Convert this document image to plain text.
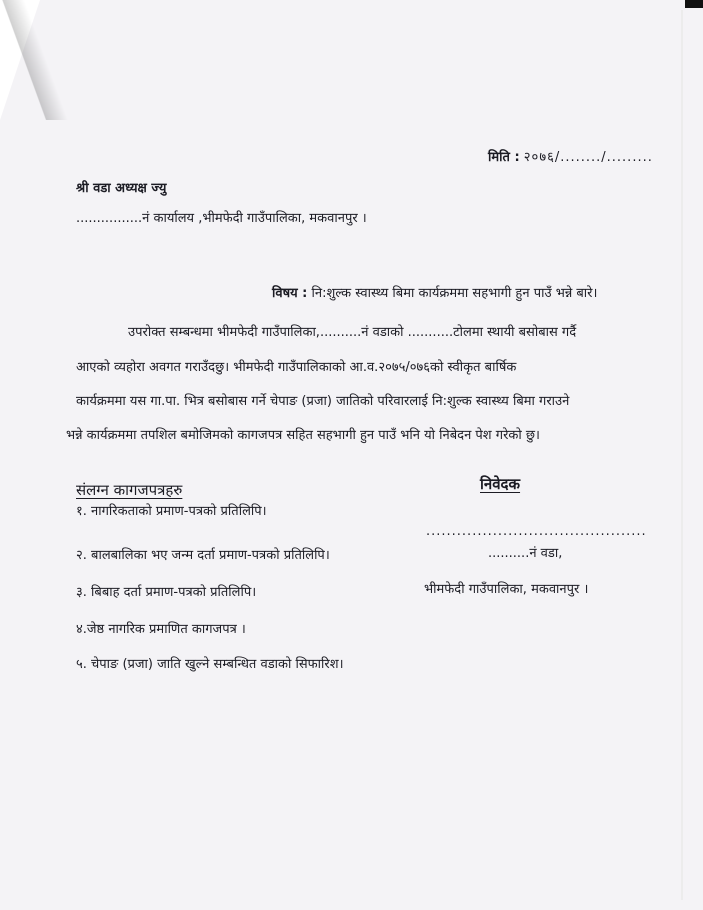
मिति : २०७६/......../.........
श्री वडा अध्यक्ष ज्यु
................नं कार्यालय ,भीमफेदी गाउँपालिका, मकवानपुर ।
विषय : नि:शुल्क स्वास्थ्य बिमा कार्यक्रममा सहभागी हुन पाउँ भन्ने बारे।
उपरोक्त सम्बन्धमा भीमफेदी गाउँपालिका,..........नं वडाको ...........टोलमा स्थायी बसोबास गर्दै
आएको व्यहोरा अवगत गराउँदछु। भीमफेदी गाउँपालिकाको आ.व.२०७५/०७६को स्वीकृत बार्षिक
कार्यक्रममा यस गा.पा. भित्र बसोबास गर्ने चेपाङ (प्रजा) जातिको परिवारलाई नि:शुल्क स्वास्थ्य बिमा गराउने
भन्ने कार्यक्रममा तपशिल बमोजिमको कागजपत्र सहित सहभागी हुन पाउँ भनि यो निबेदन पेश गरेको छु।
संलग्न कागजपत्रहरु	निवेदक
१. नागरिकताको प्रमाण-पत्रको प्रतिलिपि।
२. बालबालिका भए जन्म दर्ता प्रमाण-पत्रको प्रतिलिपि।
३. बिबाह दर्ता प्रमाण-पत्रको प्रतिलिपि।
४.जेष्ठ नागरिक प्रमाणित कागजपत्र ।
५. चेपाङ (प्रजा) जाति खुल्ने सम्बन्धित वडाको सिफारिश।
...........................................
..........नं वडा,
भीमफेदी गाउँपालिका, मकवानपुर ।
